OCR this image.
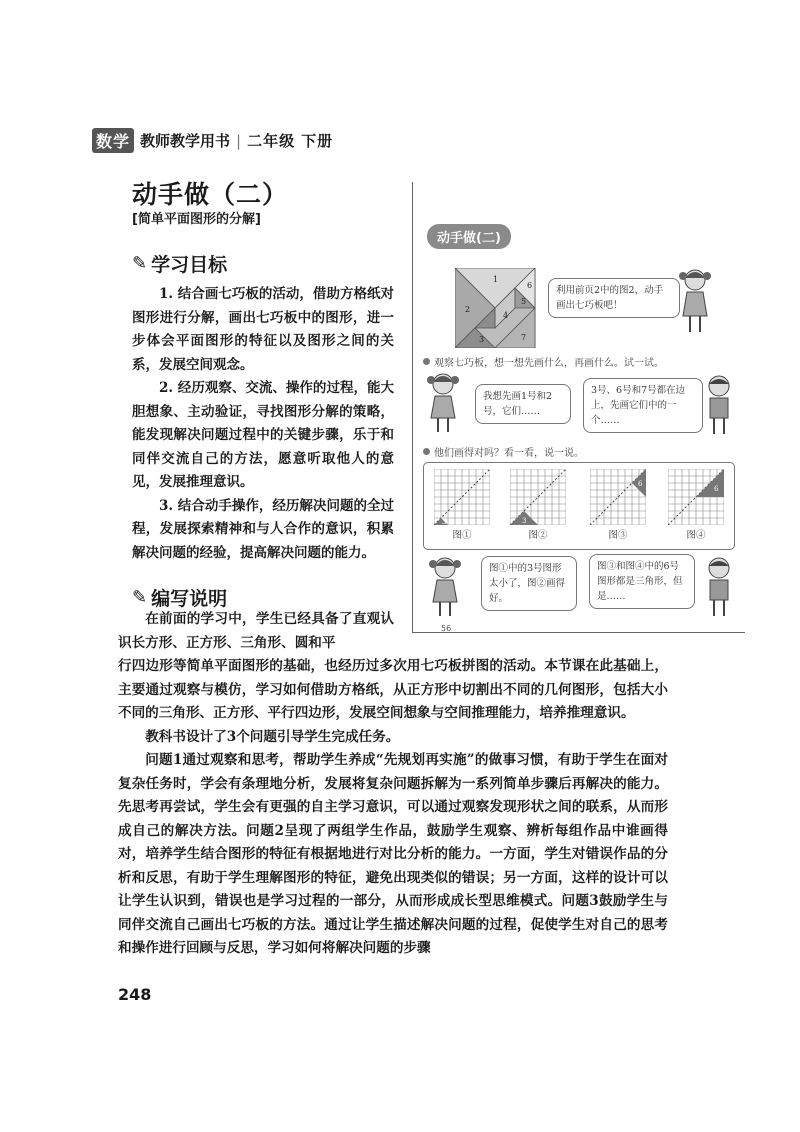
数学 教师教学用书 | 二年级 下册
动手做（二）
[简单平面图形的分解]
✎ 学习目标

1. 结合画七巧板的活动，借助方格纸对图形进行分解，画出七巧板中的图形，进一步体会平面图形的特征以及图形之间的关系，发展空间观念。

2. 经历观察、交流、操作的过程，能大胆想象、主动验证，寻找图形分解的策略，能发现解决问题过程中的关键步骤，乐于和同伴交流自己的方法，愿意听取他人的意见，发展推理意识。

3. 结合动手操作，经历解决问题的全过程，发展探索精神和与人合作的意识，积累解决问题的经验，提高解决问题的能力。

动手做(二)
1
2
3
4
5
6
7
利用前页2中的图2，动手画出七巧板吧！
观察七巧板，想一想先画什么，再画什么。试一试。
我想先画1号和2号，它们……
3号、6号和7号都在边上，先画它们中的一个……
他们画得对吗？看一看，说一说。
3	3
6
6
图①	图②	图③	图④
图①中的3号图形太小了，图②画得好。
图③和图④中的6号图形都是三角形，但是……
56
✎ 编写说明

在前面的学习中，学生已经具备了直观认识长方形、正方形、三角形、圆和平

行四边形等简单平面图形的基础，也经历过多次用七巧板拼图的活动。本节课在此基础上，主要通过观察与模仿，学习如何借助方格纸，从正方形中切割出不同的几何图形，包括大小不同的三角形、正方形、平行四边形，发展空间想象与空间推理能力，培养推理意识。

教科书设计了3个问题引导学生完成任务。

问题1通过观察和思考，帮助学生养成“先规划再实施”的做事习惯，有助于学生在面对复杂任务时，学会有条理地分析，发展将复杂问题拆解为一系列简单步骤后再解决的能力。先思考再尝试，学生会有更强的自主学习意识，可以通过观察发现形状之间的联系，从而形成自己的解决方法。问题2呈现了两组学生作品，鼓励学生观察、辨析每组作品中谁画得对，培养学生结合图形的特征有根据地进行对比分析的能力。一方面，学生对错误作品的分析和反思，有助于学生理解图形的特征，避免出现类似的错误；另一方面，这样的设计可以让学生认识到，错误也是学习过程的一部分，从而形成成长型思维模式。问题3鼓励学生与同伴交流自己画出七巧板的方法。通过让学生描述解决问题的过程，促使学生对自己的思考和操作进行回顾与反思，学习如何将解决问题的步骤

248
